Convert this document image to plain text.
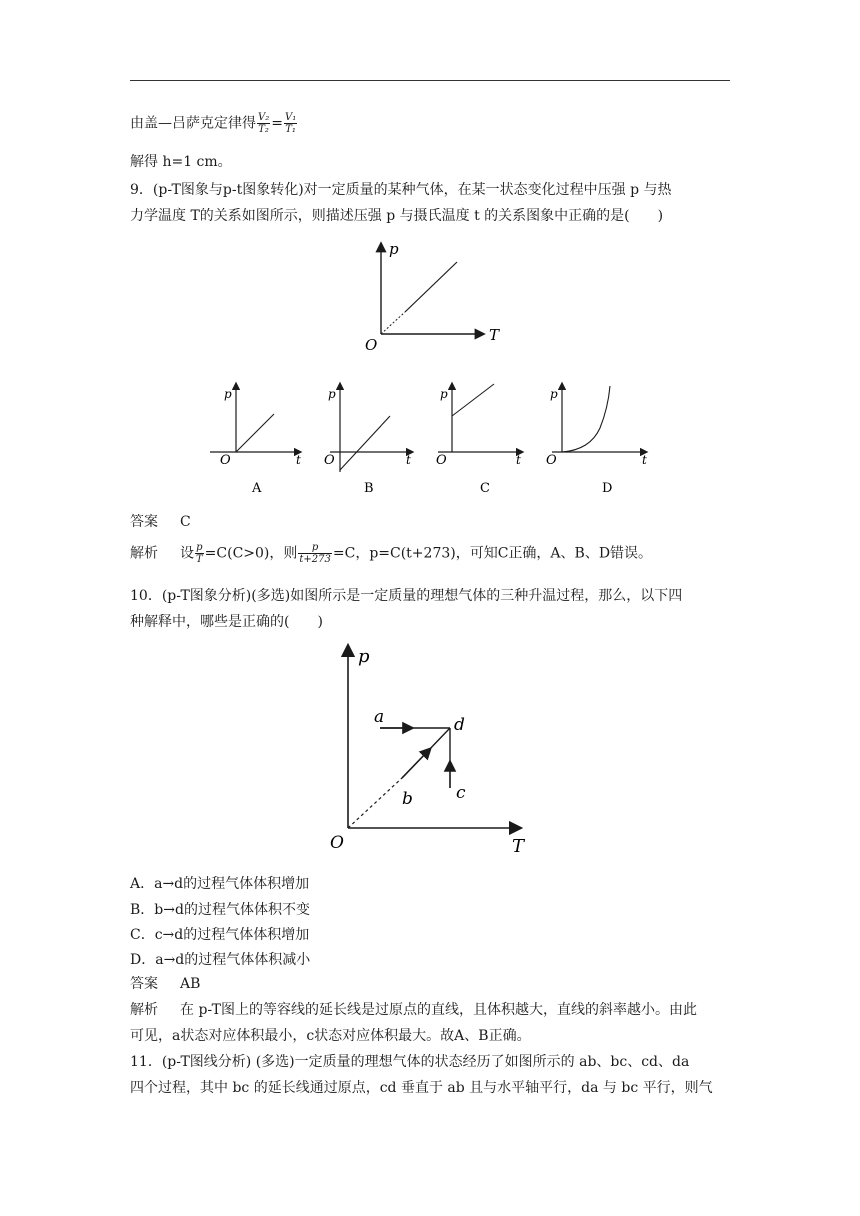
由盖—吕萨克定律得 $\frac{\text{V₂}}{\text{T₂}} = \frac{\text{V₁}}{\text{T₁}}$
解得 h=1 cm。
9．(p-T图象与p-t图象转化)对一定质量的某种气体，在某一状态变化过程中压强 p 与热
力学温度 T的关系如图所示，则描述压强 p 与摄氏温度 t 的关系图象中正确的是(　　)
p
T
O
p
t
O
A
p
t
O
B
p
t
O
C
p
t
O
D
答案 C
解析 设 $\frac{p}{T} =C(C>0)$，则 $\frac{p}{t+273} =C$，p=C(t+273)，可知C正确，A、B、D错误。
10．(p-T图象分析)(多选)如图所示是一定质量的理想气体的三种升温过程，那么，以下四
种解释中，哪些是正确的(　　)
p
T
O
a
b	c
d
A．a→d的过程气体体积增加
B．b→d的过程气体体积不变
C．c→d的过程气体体积增加
D．a→d的过程气体体积减小
答案 AB
解析 在 p-T图上的等容线的延长线是过原点的直线，且体积越大，直线的斜率越小。由此
可见，a状态对应体积最小，c状态对应体积最大。故A、B正确。
11．(p-T图线分析) (多选)一定质量的理想气体的状态经历了如图所示的 ab、bc、cd、da
四个过程，其中 bc 的延长线通过原点，cd 垂直于 ab 且与水平轴平行，da 与 bc 平行，则气
